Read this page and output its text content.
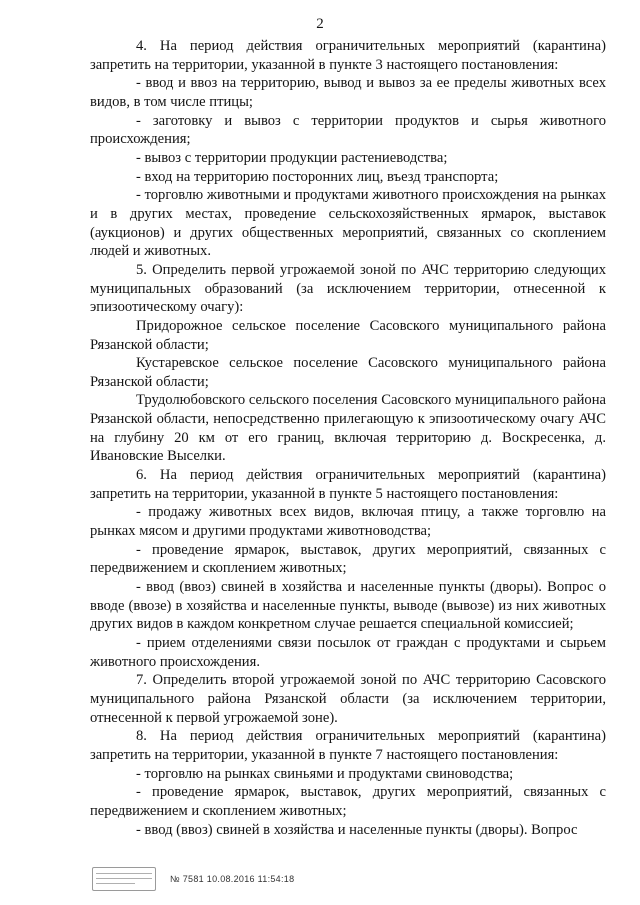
2

4. На период действия ограничительных мероприятий (карантина) запретить на территории, указанной в пункте 3 настоящего постановления:

- ввод и ввоз на территорию, вывод и вывоз за ее пределы животных всех видов, в том числе птицы;

- заготовку и вывоз с территории продуктов и сырья животного происхождения;

- вывоз с территории продукции растениеводства;

- вход на территорию посторонних лиц, въезд транспорта;

- торговлю животными и продуктами животного происхождения на рынках и в других местах, проведение сельскохозяйственных ярмарок, выставок (аукционов) и других общественных мероприятий, связанных со скоплением людей и животных.

5. Определить первой угрожаемой зоной по АЧС территорию следующих муниципальных образований (за исключением территории, отнесенной к эпизоотическому очагу):

Придорожное сельское поселение Сасовского муниципального района Рязанской области;

Кустаревское сельское поселение Сасовского муниципального района Рязанской области;

Трудолюбовского сельского поселения Сасовского муниципального района Рязанской области, непосредственно прилегающую к эпизоотическому очагу АЧС на глубину 20 км от его границ, включая территорию д. Воскресенка, д. Ивановские Выселки.

6. На период действия ограничительных мероприятий (карантина) запретить на территории, указанной в пункте 5 настоящего постановления:

- продажу животных всех видов, включая птицу, а также торговлю на рынках мясом и другими продуктами животноводства;

- проведение ярмарок, выставок, других мероприятий, связанных с передвижением и скоплением животных;

- ввод (ввоз) свиней в хозяйства и населенные пункты (дворы). Вопрос о вводе (ввозе) в хозяйства и населенные пункты, выводе (вывозе) из них животных других видов в каждом конкретном случае решается специальной комиссией;

- прием отделениями связи посылок от граждан с продуктами и сырьем животного происхождения.

7. Определить второй угрожаемой зоной по АЧС территорию Сасовского муниципального района Рязанской области (за исключением территории, отнесенной к первой угрожаемой зоне).

8. На период действия ограничительных мероприятий (карантина) запретить на территории, указанной в пункте 7 настоящего постановления:

- торговлю на рынках свиньями и продуктами свиноводства;

- проведение ярмарок, выставок, других мероприятий, связанных с передвижением и скоплением животных;

- ввод (ввоз) свиней в хозяйства и населенные пункты (дворы). Вопрос

№ 7581 10.08.2016 11:54:18
